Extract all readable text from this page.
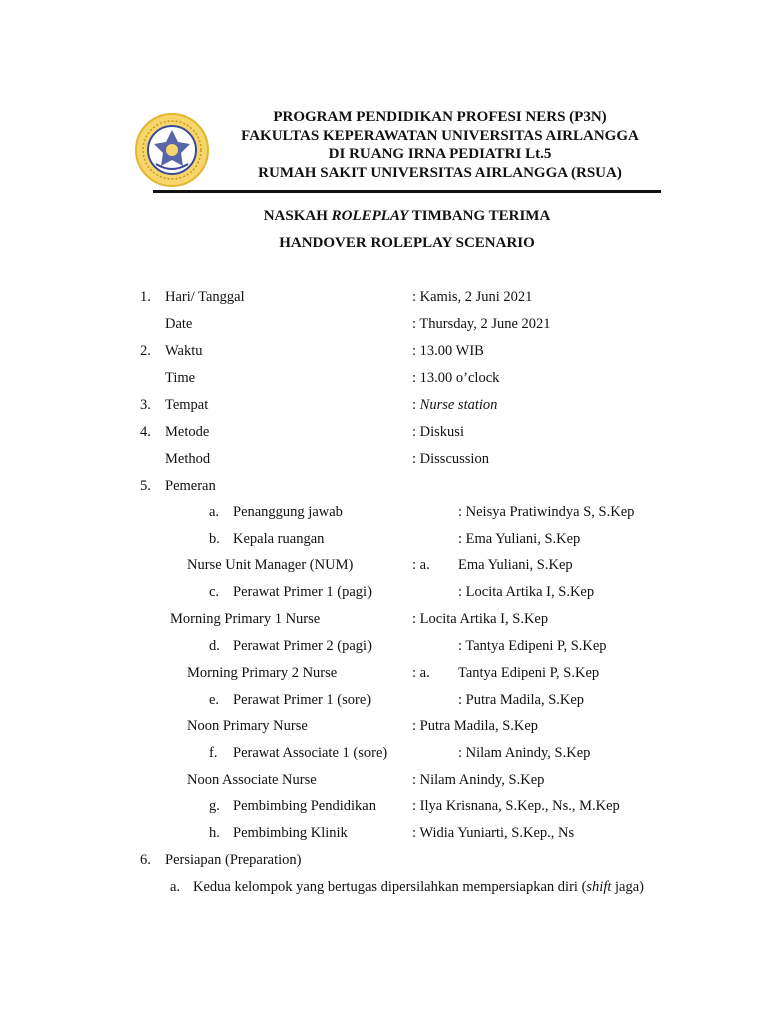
PROGRAM PENDIDIKAN PROFESI NERS (P3N)
FAKULTAS KEPERAWATAN UNIVERSITAS AIRLANGGA
DI RUANG IRNA PEDIATRI Lt.5
RUMAH SAKIT UNIVERSITAS AIRLANGGA (RSUA)
NASKAH ROLEPLAY TIMBANG TERIMA
HANDOVER ROLEPLAY SCENARIO
1. Hari/ Tanggal	: Kamis, 2 Juni 2021
Date	: Thursday, 2 June 2021
2. Waktu	: 13.00 WIB
Time	: 13.00 o’clock
3. Tempat	: Nurse station
4. Metode	: Diskusi
Method	: Disscussion
5. Pemeran
a. Penanggung jawab	: Neisya Pratiwindya S, S.Kep
b. Kepala ruangan	: Ema Yuliani, S.Kep
Nurse Unit Manager (NUM)	: a. Ema Yuliani, S.Kep
c. Perawat Primer 1 (pagi)	: Locita Artika I, S.Kep
Morning Primary 1 Nurse	: Locita Artika I, S.Kep
d. Perawat Primer 2 (pagi)	: Tantya Edipeni P, S.Kep
Morning Primary 2 Nurse	: a. Tantya Edipeni P, S.Kep
e. Perawat Primer 1 (sore)	: Putra Madila, S.Kep
Noon Primary Nurse	: Putra Madila, S.Kep
f. Perawat Associate 1 (sore)	: Nilam Anindy, S.Kep
Noon Associate Nurse	: Nilam Anindy, S.Kep
g. Pembimbing Pendidikan : Ilya Krisnana, S.Kep., Ns., M.Kep
h. Pembimbing Klinik	: Widia Yuniarti, S.Kep., Ns
6. Persiapan (Preparation)
a. Kedua kelompok yang bertugas dipersilahkan mempersiapkan diri (shift jaga)
